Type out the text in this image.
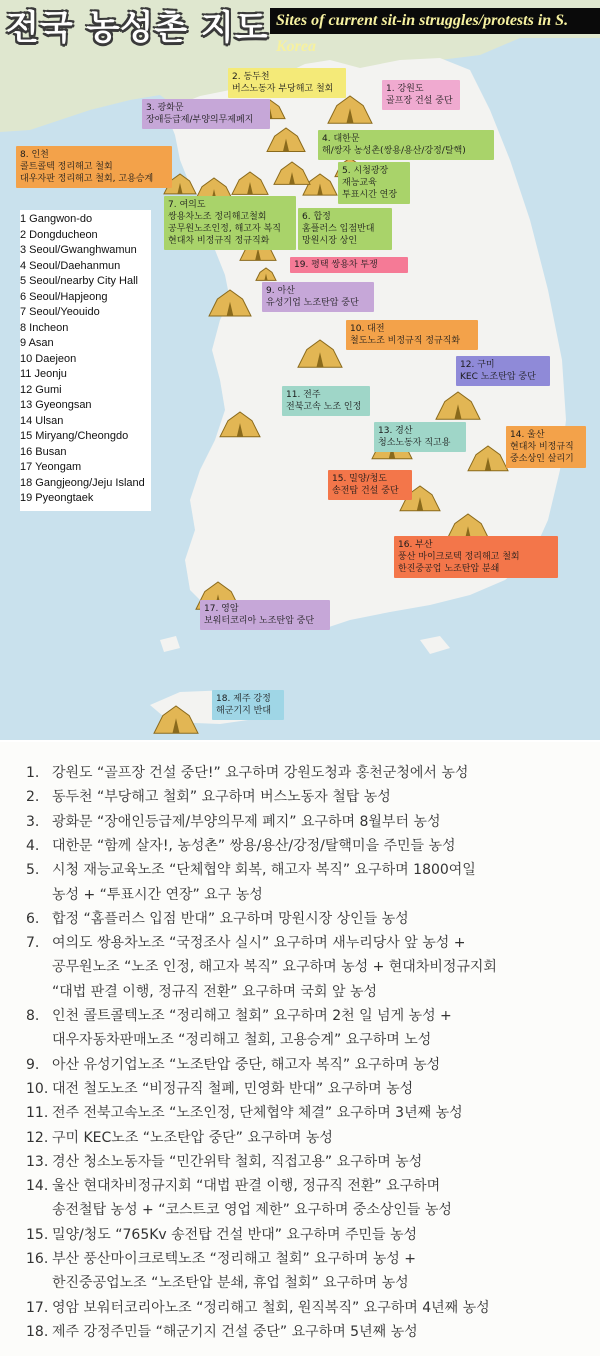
전국 농성촌 지도 Sites of current sit-in struggles/protests in S. Korea
2. 동두천
버스노동자 부당해고 철회	1. 강원도
골프장 건설 중단
3. 광화문
장애등급제/부양의무제폐지
4. 대한문
해/쌍자 농성촌(쌍용/용산/강정/탈핵)
8. 인천
콜트콜텍 정리해고 철회
대우자판 정리해고 철회, 고용승계
5. 시청광장
재능교육
투표시간 연장
7. 여의도
쌍용차노조 정리해고철회
공무원노조인정, 해고자 복직
현대차 비정규직 정규직화
6. 합정
홈플러스 입점반대
망원시장 상인
19. 평택 쌍용차 투쟁
9. 아산
유성기업 노조탄압 중단
10. 대전
철도노조 비정규직 정규직화
12. 구미
KEC 노조탄압 중단
11. 전주
전북고속 노조 인정
13. 경산
청소노동자 직고용
14. 울산
현대차 비정규직
중소상인 살리기
15. 밀양/청도
송전탑 건설 중단
16. 부산
풍산 마이크로텍 정리해고 철회
한진중공업 노조탄압 분쇄
17. 영암
보워터코리아 노조탄압 중단
18. 제주 강정
해군기지 반대
1 Gangwon-do
2 Dongducheon
3 Seoul/Gwanghwamun
4 Seoul/Daehanmun
5 Seoul/nearby City Hall
6 Seoul/Hapjeong
7 Seoul/Yeouido
8 Incheon
9 Asan
10 Daejeon
11 Jeonju
12 Gumi
13 Gyeongsan
14 Ulsan
15 Miryang/Cheongdo
16 Busan
17 Yeongam
18 Gangjeong/Jeju Island
19 Pyeongtaek
1. 강원도 “골프장 건설 중단!” 요구하며 강원도청과 홍천군청에서 농성
2. 동두천 “부당해고 철회” 요구하며 버스노동자 철탑 농성
3. 광화문 “장애인등급제/부양의무제 폐지” 요구하며 8월부터 농성
4. 대한문 “함께 살자!, 농성촌” 쌍용/용산/강정/탈핵미을 주민들 농성
5. 시청 재능교육노조 “단체협약 회복, 해고자 복직” 요구하며 1800여일
농성 + “투표시간 연장” 요구 농성
6. 합정 “홈플러스 입점 반대” 요구하며 망원시장 상인들 농성
7. 여의도 쌍용차노조 “국정조사 실시” 요구하며 새누리당사 앞 농성 +
공무원노조 “노조 인정, 해고자 복직” 요구하며 농성 + 현대차비정규지회
“대법 판결 이행, 정규직 전환” 요구하며 국회 앞 농성
8. 인천 콜트콜텍노조 “정리해고 철회” 요구하며 2천 일 넘게 농성 +
대우자동차판매노조 “정리해고 철회, 고용승계” 요구하며 노성
9. 아산 유성기업노조 “노조탄압 중단, 해고자 복직” 요구하며 농성
10. 대전 철도노조 “비정규직 철폐, 민영화 반대” 요구하며 농성
11. 전주 전북고속노조 “노조인정, 단체협약 체결” 요구하며 3년째 농성
12. 구미 KEC노조 “노조탄압 중단” 요구하며 농성
13. 경산 청소노동자들 “민간위탁 철회, 직접고용” 요구하며 농성
14. 울산 현대차비정규지회 “대법 판결 이행, 정규직 전환” 요구하며
송전철탑 농성 + “코스트코 영업 제한” 요구하며 중소상인들 농성
15. 밀양/청도 “765Kv 송전탑 건설 반대” 요구하며 주민들 농성
16. 부산 풍산마이크로텍노조 “정리해고 철회” 요구하며 농성 +
한진중공업노조 “노조탄압 분쇄, 휴업 철회” 요구하며 농성
17. 영암 보워터코리아노조 “정리해고 철회, 원직복직” 요구하며 4년째 농성
18. 제주 강정주민들 “해군기지 건설 중단” 요구하며 5년째 농성
